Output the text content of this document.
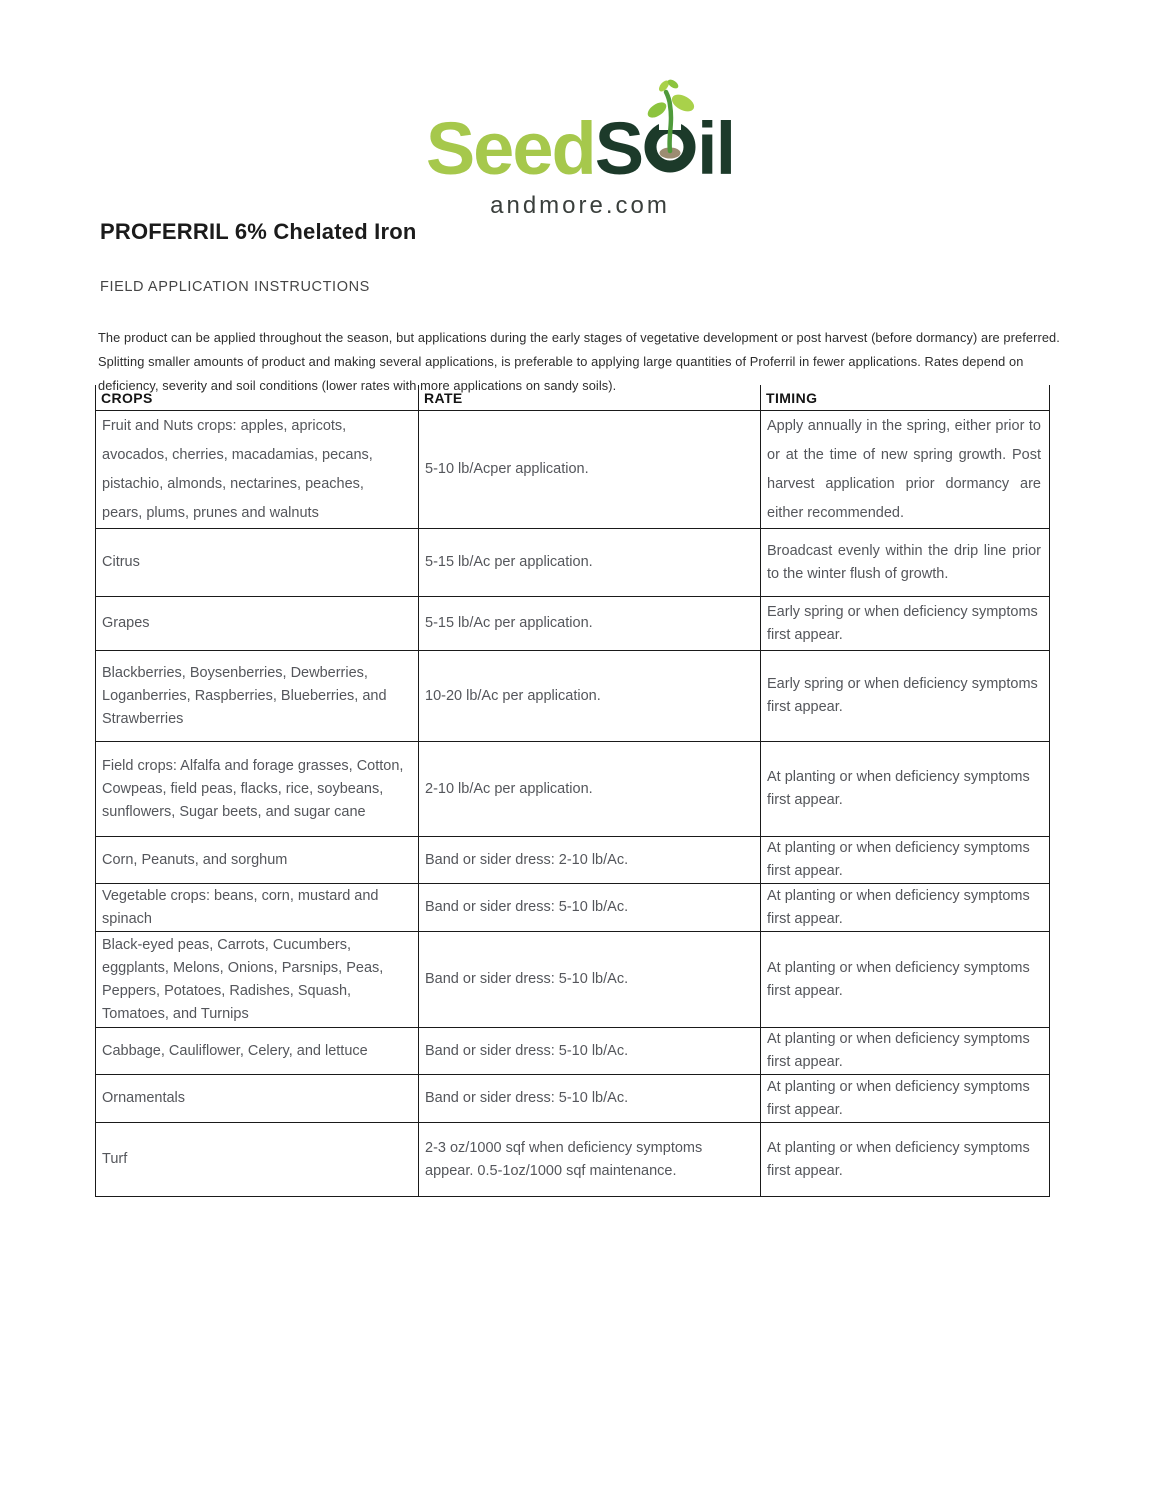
Seed S il
andmore.com
PROFERRIL 6% Chelated Iron
FIELD APPLICATION INSTRUCTIONS
The product can be applied throughout the season, but applications during the early stages of vegetative development or post harvest (before dormancy) are preferred.
Splitting smaller amounts of product and making several applications, is preferable to applying large quantities of Proferril in fewer applications. Rates depend on
deficiency, severity and soil conditions (lower rates with more applications on sandy soils).
CROPS	RATE	TIMING

Fruit and Nuts crops: apples, apricots, avocados, cherries, macadamias, pecans, pistachio, almonds, nectarines, peaches, pears, plums, prunes and walnuts	5-10 lb/Acper application.	Apply annually in the spring, either prior to or at the time of new spring growth. Post harvest application prior dormancy are either recommended.

Citrus	5-15 lb/Ac per application.	Broadcast evenly within the drip line prior to the winter flush of growth.

Grapes	5-15 lb/Ac per application.	Early spring or when deficiency symptoms first appear.

Blackberries, Boysenberries, Dewberries, Loganberries, Raspberries, Blueberries, and Strawberries	10-20 lb/Ac per application.	Early spring or when deficiency symptoms first appear.

Field crops: Alfalfa and forage grasses, Cotton, Cowpeas, field peas, flacks, rice, soybeans, sunflowers, Sugar beets, and sugar cane	2-10 lb/Ac per application.	At planting or when deficiency symptoms first appear.

Corn, Peanuts, and sorghum	Band or sider dress: 2-10 lb/Ac.	At planting or when deficiency symptoms first appear.

Vegetable crops: beans, corn, mustard and spinach	Band or sider dress: 5-10 lb/Ac.	At planting or when deficiency symptoms first appear.

Black-eyed peas, Carrots, Cucumbers, eggplants, Melons, Onions, Parsnips, Peas, Peppers, Potatoes, Radishes, Squash, Tomatoes, and Turnips	Band or sider dress: 5-10 lb/Ac.	At planting or when deficiency symptoms first appear.

Cabbage, Cauliflower, Celery, and lettuce	Band or sider dress: 5-10 lb/Ac.	At planting or when deficiency symptoms first appear.

Ornamentals	Band or sider dress: 5-10 lb/Ac.	At planting or when deficiency symptoms first appear.

Turf	2-3 oz/1000 sqf when deficiency symptoms appear. 0.5-1oz/1000 sqf maintenance.	At planting or when deficiency symptoms first appear.
